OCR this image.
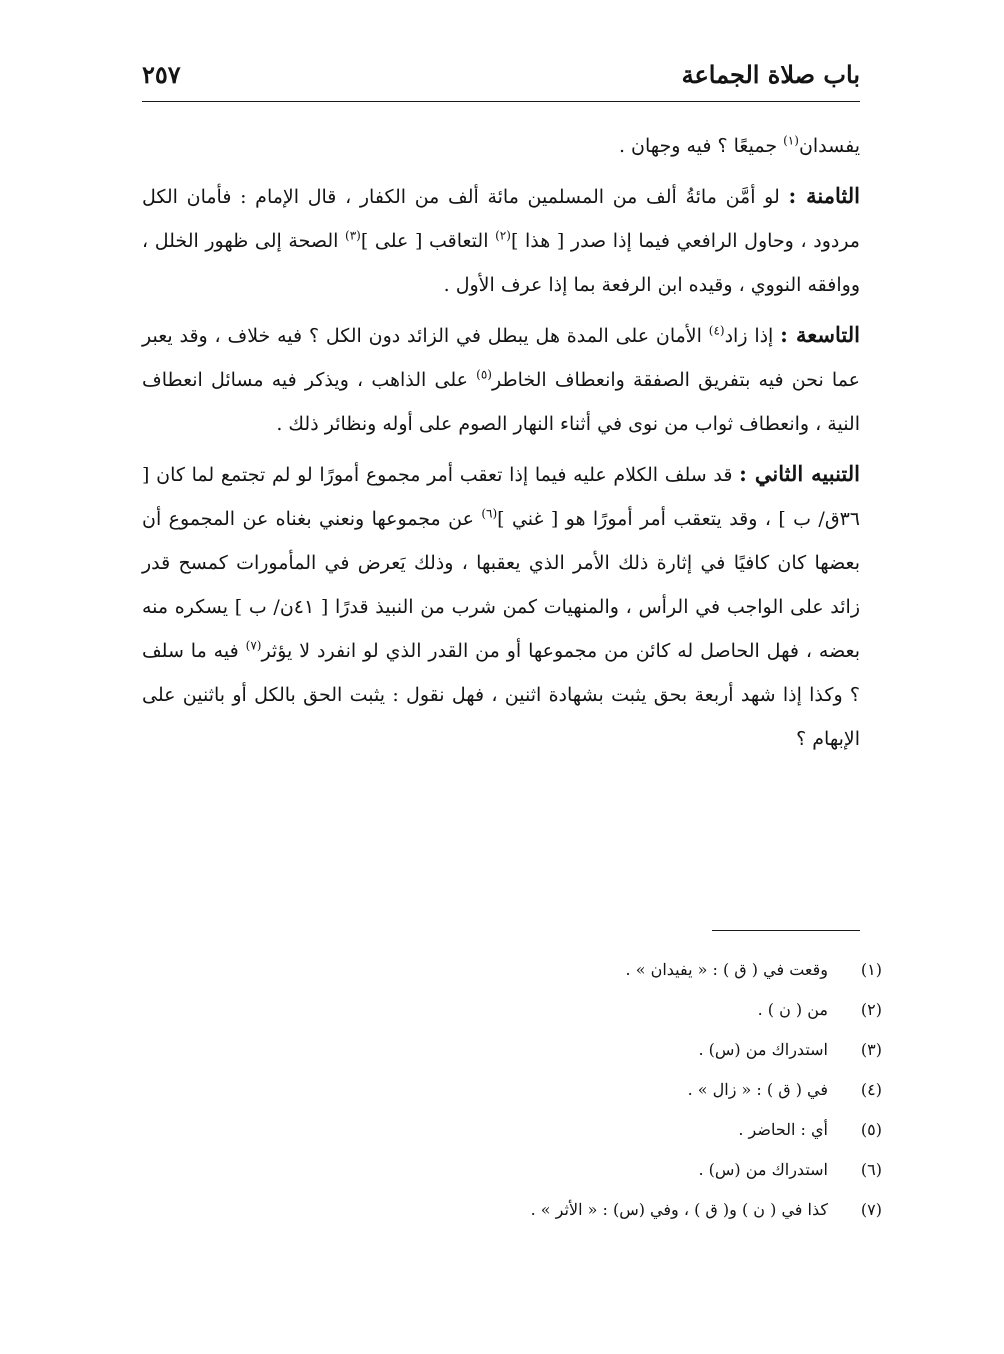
باب صلاة الجماعة
٢٥٧

يفسدان$^{(١)}$ جميعًا ؟ فيه وجهان .

الثامنة : لو أمَّن مائةُ ألف من المسلمين مائة ألف من الكفار ، قال الإمام : فأمان الكل مردود ، وحاول الرافعي فيما إذا صدر [ هذا ]$^{(٢)}$ التعاقب [ على ]$^{(٣)}$ الصحة إلى ظهور الخلل ، ووافقه النووي ، وقيده ابن الرفعة بما إذا عرف الأول .

التاسعة : إذا زاد$^{(٤)}$ الأمان على المدة هل يبطل في الزائد دون الكل ؟ فيه خلاف ، وقد يعبر عما نحن فيه بتفريق الصفقة وانعطاف الخاطر$^{(٥)}$ على الذاهب ، ويذكر فيه مسائل انعطاف النية ، وانعطاف ثواب من نوى في أثناء النهار الصوم على أوله ونظائر ذلك .

التنبيه الثاني : قد سلف الكلام عليه فيما إذا تعقب أمر مجموع أمورًا لو لم تجتمع لما كان [ ٣٦ق/ ب ] ، وقد يتعقب أمر أمورًا هو [ غني ]$^{(٦)}$ عن مجموعها ونعني بغناه عن المجموع أن بعضها كان كافيًا في إثارة ذلك الأمر الذي يعقبها ، وذلك يَعرض في المأمورات كمسح قدر زائد على الواجب في الرأس ، والمنهيات كمن شرب من النبيذ قدرًا [ ٤١ن/ ب ] يسكره منه بعضه ، فهل الحاصل له كائن من مجموعها أو من القدر الذي لو انفرد لا يؤثر$^{(٧)}$ فيه ما سلف ؟ وكذا إذا شهد أربعة بحق يثبت بشهادة اثنين ، فهل نقول : يثبت الحق بالكل أو باثنين على الإبهام ؟

(١)
وقعت في ( ق ) : « يفيدان » .
(٢)
من ( ن ) .
(٣)
استدراك من (س) .
(٤)
في ( ق ) : « زال » .
(٥)
أي : الحاضر .
(٦)
استدراك من (س) .
(٧)
كذا في ( ن ) و( ق ) ، وفي (س) : « الأثر » .
